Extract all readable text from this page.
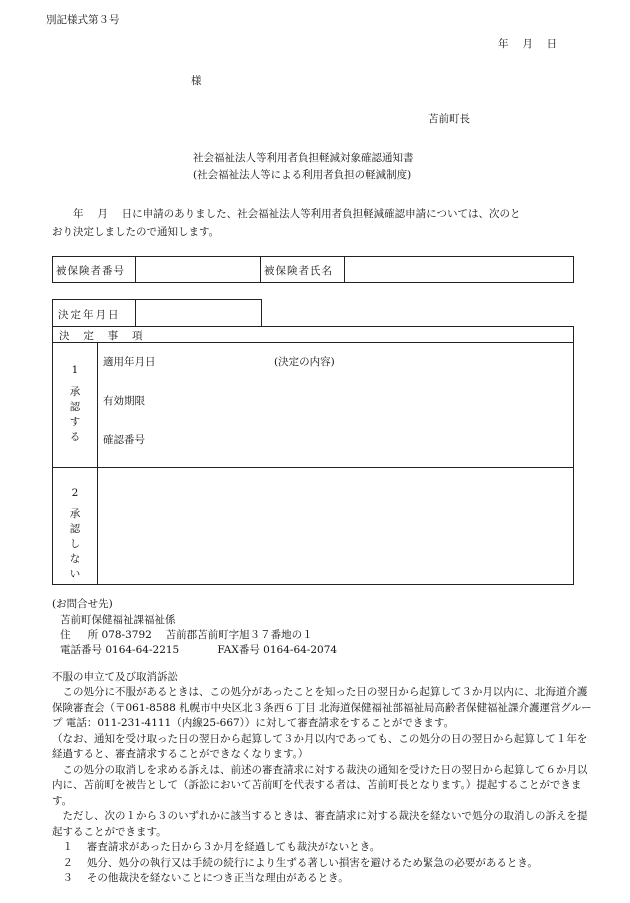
別記様式第３号
年 　月 　日
様
苫前町長
社会福祉法人等利用者負担軽減対象確認通知書
(社会福祉法人等による利用者負担の軽減制度)
　　年 　月 　日に申請のありました、社会福祉法人等利用者負担軽減確認申請については、次のと
おり決定しましたので通知します。
被保険者番号	被保険者氏名
決定年月日
決 　定 　事 　項
1
承認する
適用年月日	(決定の内容)
有効期限
確認番号
2
承認しない
(お問合せ先)
苫前町保健福祉課福祉係
住 　 所 078-3792 　苫前郡苫前町字旭３７番地の１
電話番号 0164-64-2215 　　 　FAX番号 0164-64-2074
不服の申立て及び取消訴訟

この処分に不服があるときは、この処分があったことを知った日の翌日から起算して３か月以内に、北海道介護保険審査会（〒061-8588 札幌市中央区北３条西６丁目 北海道保健福祉部福祉局高齢者保健福祉課介護運営グループ 電話：011-231-4111（内線25-667））に対して審査請求をすることができます。

（なお、通知を受け取った日の翌日から起算して３か月以内であっても、この処分の日の翌日から起算して１年を経過すると、審査請求することができなくなります。）

この処分の取消しを求める訴えは、前述の審査請求に対する裁決の通知を受けた日の翌日から起算して６か月以内に、苫前町を被告として（訴訟において苫前町を代表する者は、苫前町長となります。）提起することができます。

ただし、次の１から３のいずれかに該当するときは、審査請求に対する裁決を経ないで処分の取消しの訴えを提起することができます。

１ 　審査請求があった日から３か月を経過しても裁決がないとき。

２ 　処分、処分の執行又は手続の続行により生ずる著しい損害を避けるため緊急の必要があるとき。

３ 　その他裁決を経ないことにつき正当な理由があるとき。
